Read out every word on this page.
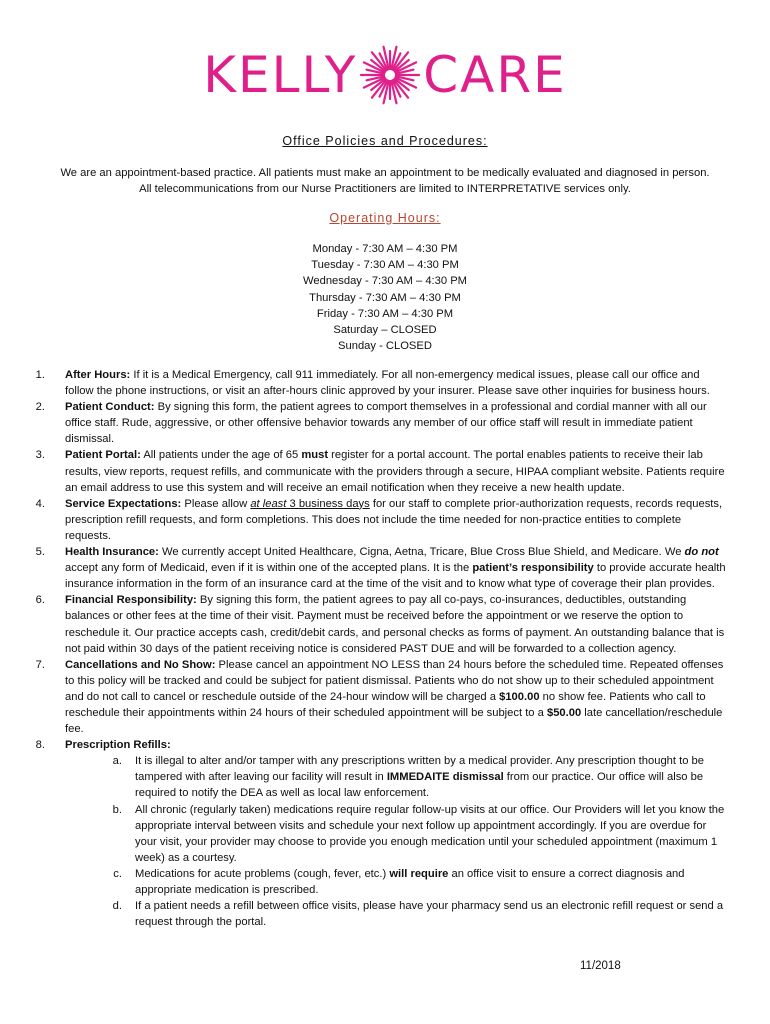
KELLY CARE
Office Policies and Procedures:
We are an appointment-based practice. All patients must make an appointment to be medically evaluated and diagnosed in person.
All telecommunications from our Nurse Practitioners are limited to INTERPRETATIVE services only.
Operating Hours:
Monday - 7:30 AM – 4:30 PM
Tuesday - 7:30 AM – 4:30 PM
Wednesday - 7:30 AM – 4:30 PM
Thursday - 7:30 AM – 4:30 PM
Friday - 7:30 AM – 4:30 PM
Saturday – CLOSED
Sunday - CLOSED
1.	After Hours: If it is a Medical Emergency, call 911 immediately. For all non-emergency medical issues, please call our office and follow the phone instructions, or visit an after-hours clinic approved by your insurer. Please save other inquiries for business hours.
2.	Patient Conduct: By signing this form, the patient agrees to comport themselves in a professional and cordial manner with all our office staff. Rude, aggressive, or other offensive behavior towards any member of our office staff will result in immediate patient dismissal.
3.	Patient Portal: All patients under the age of 65 must register for a portal account. The portal enables patients to receive their lab results, view reports, request refills, and communicate with the providers through a secure, HIPAA compliant website. Patients require an email address to use this system and will receive an email notification when they receive a new health update.
4.	Service Expectations: Please allow at least 3 business days for our staff to complete prior-authorization requests, records requests, prescription refill requests, and form completions. This does not include the time needed for non-practice entities to complete requests.
5.	Health Insurance: We currently accept United Healthcare, Cigna, Aetna, Tricare, Blue Cross Blue Shield, and Medicare. We do not accept any form of Medicaid, even if it is within one of the accepted plans. It is the patient’s responsibility to provide accurate health insurance information in the form of an insurance card at the time of the visit and to know what type of coverage their plan provides.
6.	Financial Responsibility: By signing this form, the patient agrees to pay all co-pays, co-insurances, deductibles, outstanding balances or other fees at the time of their visit. Payment must be received before the appointment or we reserve the option to reschedule it. Our practice accepts cash, credit/debit cards, and personal checks as forms of payment. An outstanding balance that is not paid within 30 days of the patient receiving notice is considered PAST DUE and will be forwarded to a collection agency.
7.	Cancellations and No Show: Please cancel an appointment NO LESS than 24 hours before the scheduled time. Repeated offenses to this policy will be tracked and could be subject for patient dismissal. Patients who do not show up to their scheduled appointment and do not call to cancel or reschedule outside of the 24-hour window will be charged a $100.00 no show fee. Patients who call to reschedule their appointments within 24 hours of their scheduled appointment will be subject to a $50.00 late cancellation/reschedule fee.
8.	Prescription Refills:
a.	It is illegal to alter and/or tamper with any prescriptions written by a medical provider. Any prescription thought to be tampered with after leaving our facility will result in IMMEDAITE dismissal from our practice. Our office will also be required to notify the DEA as well as local law enforcement.
b.	All chronic (regularly taken) medications require regular follow-up visits at our office. Our Providers will let you know the appropriate interval between visits and schedule your next follow up appointment accordingly. If you are overdue for your visit, your provider may choose to provide you enough medication until your scheduled appointment (maximum 1 week) as a courtesy.
c.	Medications for acute problems (cough, fever, etc.) will require an office visit to ensure a correct diagnosis and appropriate medication is prescribed.
d.	If a patient needs a refill between office visits, please have your pharmacy send us an electronic refill request or send a request through the portal.
11/2018
